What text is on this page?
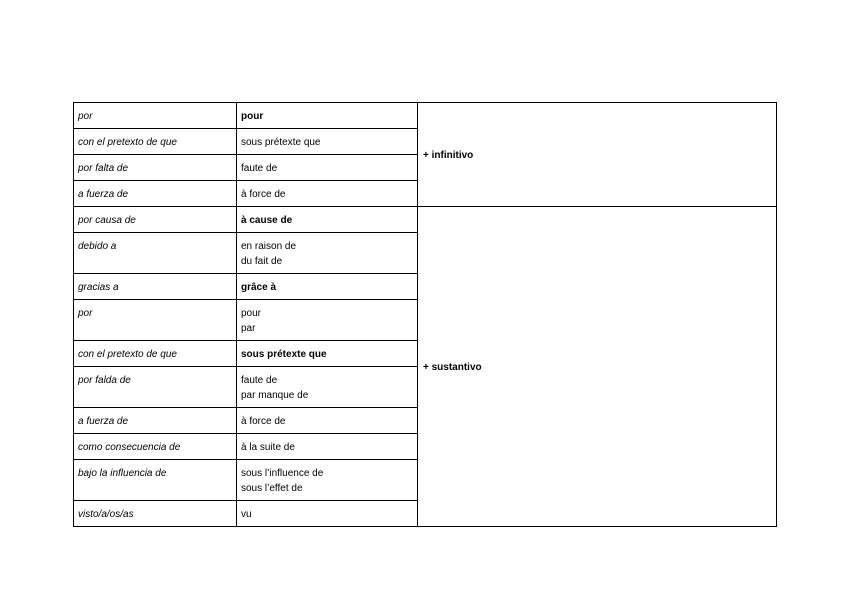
por	pour	+ infinitivo
con el pretexto de que	sous prétexte que	

por falta de	faute de	

a fuerza de	à force de	

por causa de	à cause de	+ sustantivo
debido a	en raison de
du fait de	

gracias a	grâce à	

por	pour
par	

con el pretexto de que	sous prétexte que	

por falda de	faute de
par manque de	

a fuerza de	à force de	

como consecuencia de	à la suite de	

bajo la influencia de	sous l’influence de
sous l’effet de	

visto/a/os/as	vu	
